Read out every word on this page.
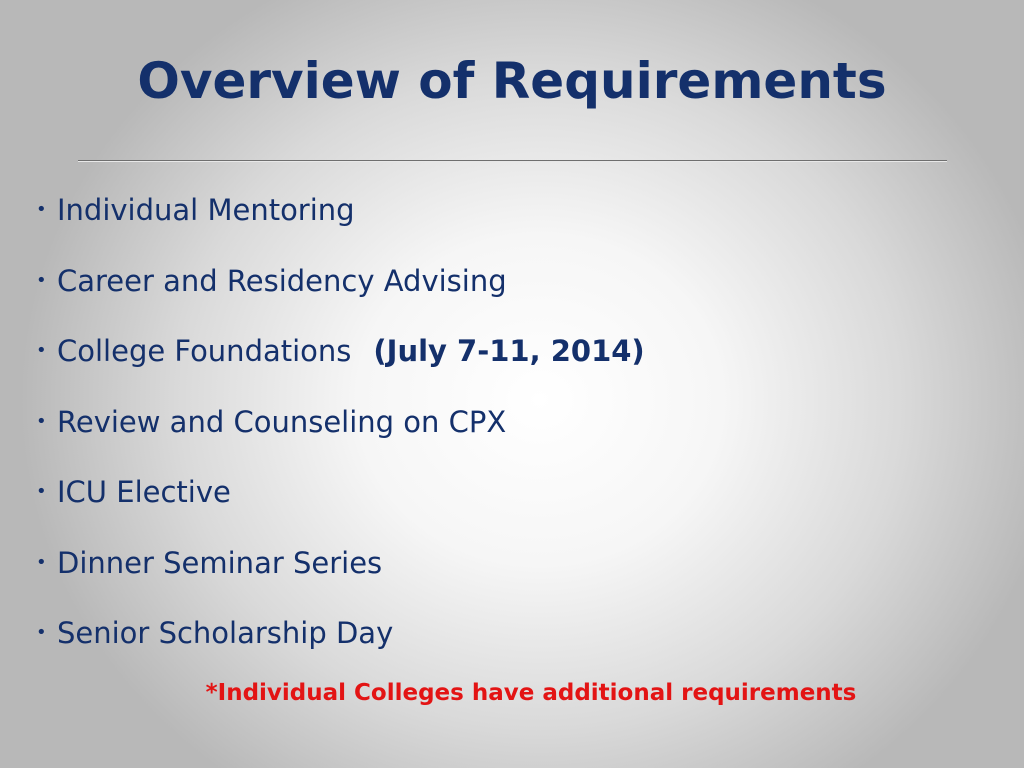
Overview of Requirements
• Individual Mentoring
• Career and Residency Advising
• College Foundations (July 7-11, 2014)
• Review and Counseling on CPX
• ICU Elective
• Dinner Seminar Series
• Senior Scholarship Day

*Individual Colleges have additional requirements
